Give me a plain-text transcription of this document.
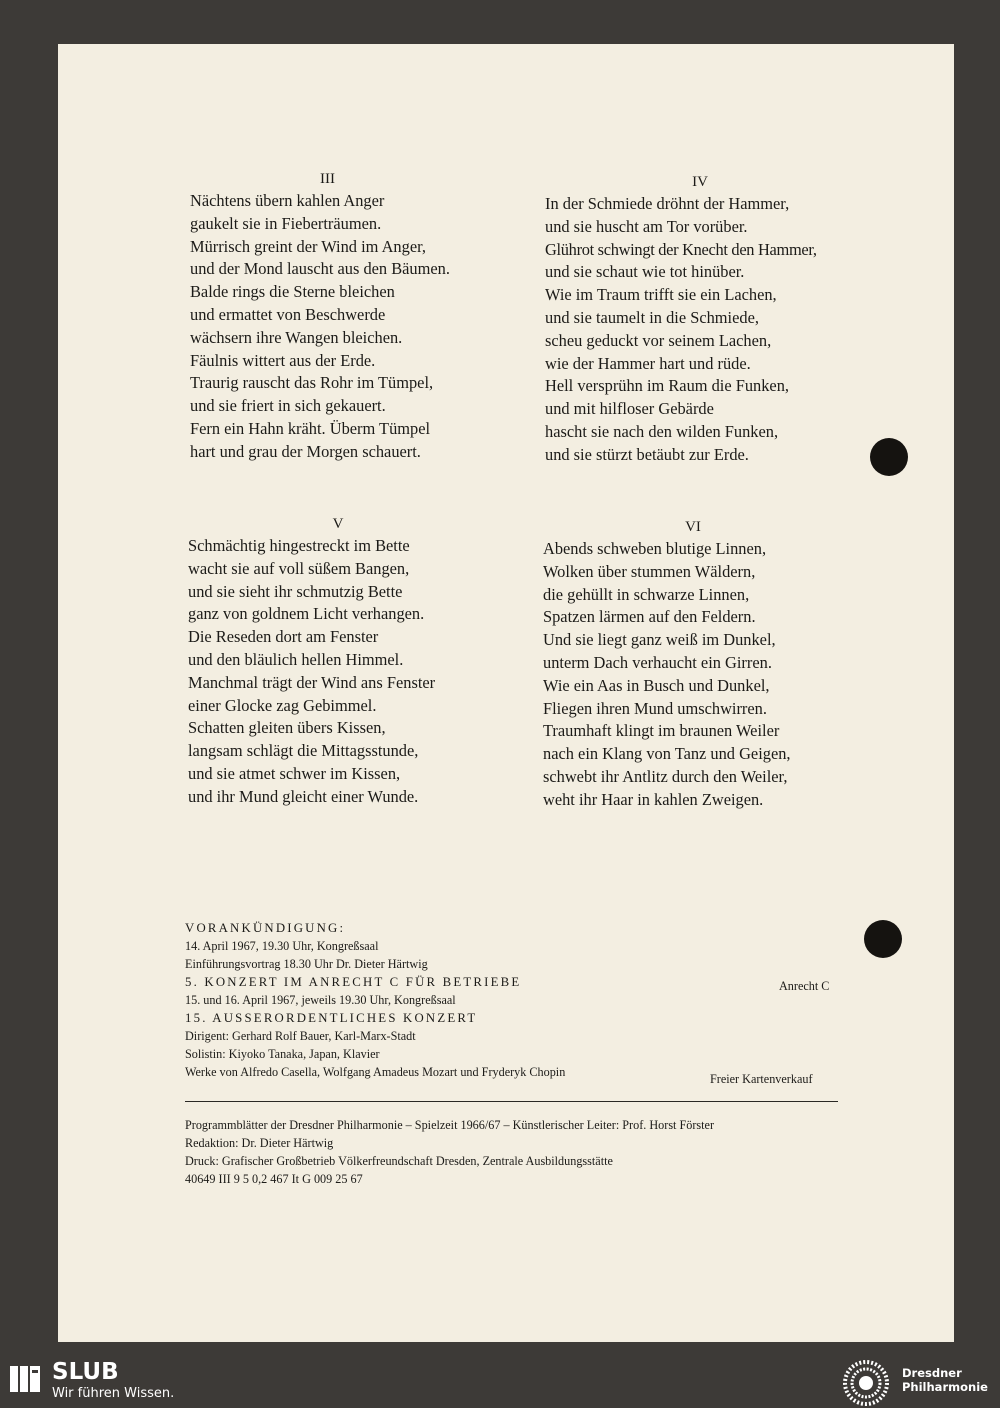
III
Nächtens übern kahlen Anger
gaukelt sie in Fieberträumen.
Mürrisch greint der Wind im Anger,
und der Mond lauscht aus den Bäumen.
Balde rings die Sterne bleichen
und ermattet von Beschwerde
wächsern ihre Wangen bleichen.
Fäulnis wittert aus der Erde.
Traurig rauscht das Rohr im Tümpel,
und sie friert in sich gekauert.
Fern ein Hahn kräht. Überm Tümpel
hart und grau der Morgen schauert.
IV
In der Schmiede dröhnt der Hammer,
und sie huscht am Tor vorüber.
Glührot schwingt der Knecht den Hammer,
und sie schaut wie tot hinüber.
Wie im Traum trifft sie ein Lachen,
und sie taumelt in die Schmiede,
scheu geduckt vor seinem Lachen,
wie der Hammer hart und rüde.
Hell versprühn im Raum die Funken,
und mit hilfloser Gebärde
hascht sie nach den wilden Funken,
und sie stürzt betäubt zur Erde.
V
Schmächtig hingestreckt im Bette
wacht sie auf voll süßem Bangen,
und sie sieht ihr schmutzig Bette
ganz von goldnem Licht verhangen.
Die Reseden dort am Fenster
und den bläulich hellen Himmel.
Manchmal trägt der Wind ans Fenster
einer Glocke zag Gebimmel.
Schatten gleiten übers Kissen,
langsam schlägt die Mittagsstunde,
und sie atmet schwer im Kissen,
und ihr Mund gleicht einer Wunde.
VI
Abends schweben blutige Linnen,
Wolken über stummen Wäldern,
die gehüllt in schwarze Linnen,
Spatzen lärmen auf den Feldern.
Und sie liegt ganz weiß im Dunkel,
unterm Dach verhaucht ein Girren.
Wie ein Aas in Busch und Dunkel,
Fliegen ihren Mund umschwirren.
Traumhaft klingt im braunen Weiler
nach ein Klang von Tanz und Geigen,
schwebt ihr Antlitz durch den Weiler,
weht ihr Haar in kahlen Zweigen.
VORANKÜNDIGUNG:
14. April 1967, 19.30 Uhr, Kongreßsaal
Einführungsvortrag 18.30 Uhr Dr. Dieter Härtwig
5. KONZERT IM ANRECHT C FÜR BETRIEBE
15. und 16. April 1967, jeweils 19.30 Uhr, Kongreßsaal
15. AUSSERORDENTLICHES KONZERT
Dirigent: Gerhard Rolf Bauer, Karl-Marx-Stadt
Solistin: Kiyoko Tanaka, Japan, Klavier
Werke von Alfredo Casella, Wolfgang Amadeus Mozart und Fryderyk Chopin
Anrecht C
Freier Kartenverkauf
Programmblätter der Dresdner Philharmonie – Spielzeit 1966/67 – Künstlerischer Leiter: Prof. Horst Förster
Redaktion: Dr. Dieter Härtwig
Druck: Grafischer Großbetrieb Völkerfreundschaft Dresden, Zentrale Ausbildungsstätte
40649 III 9 5 0,2 467 It G 009 25 67
SLUB
Wir führen Wissen.
Dresdner
Philharmonie
